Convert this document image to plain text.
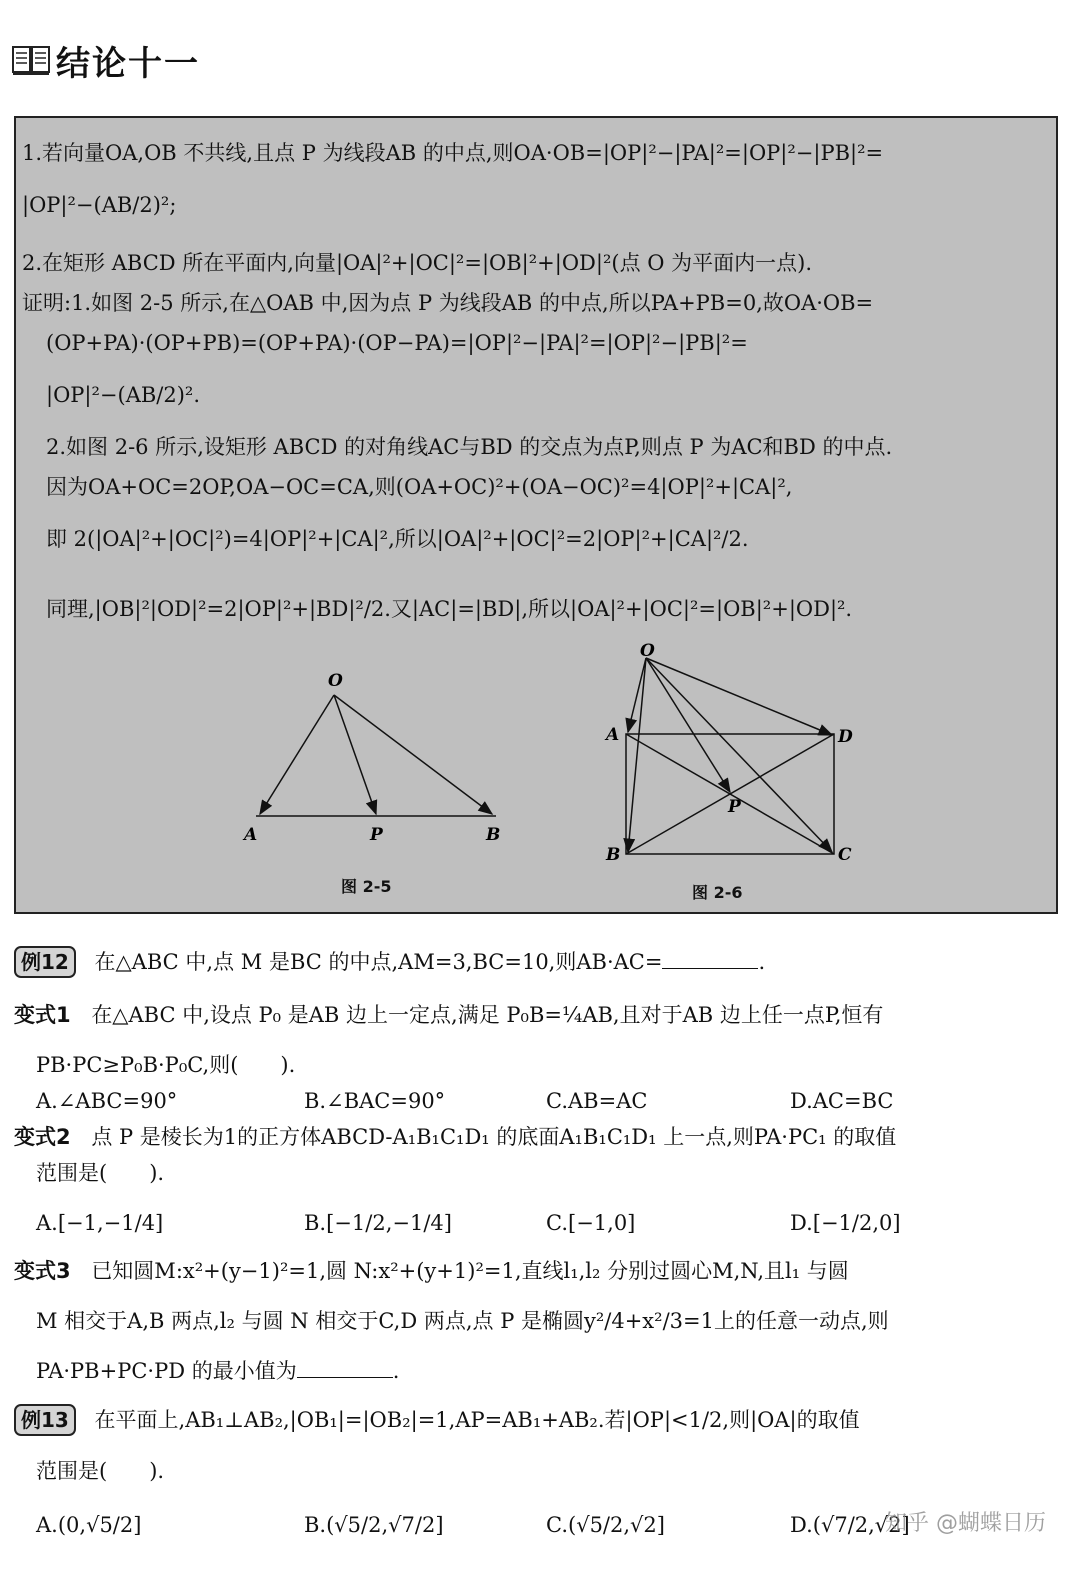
结论十一
1.若向量OA,OB 不共线,且点 P 为线段AB 的中点,则OA·OB=|OP|²−|PA|²=|OP|²−|PB|²=
|OP|²−(AB/2)²;
2.在矩形 ABCD 所在平面内,向量|OA|²+|OC|²=|OB|²+|OD|²(点 O 为平面内一点).
证明:1.如图 2-5 所示,在△OAB 中,因为点 P 为线段AB 的中点,所以PA+PB=0,故OA·OB=
(OP+PA)·(OP+PB)=(OP+PA)·(OP−PA)=|OP|²−|PA|²=|OP|²−|PB|²=
|OP|²−(AB/2)².
2.如图 2-6 所示,设矩形 ABCD 的对角线AC与BD 的交点为点P,则点 P 为AC和BD 的中点.
因为OA+OC=2OP,OA−OC=CA,则(OA+OC)²+(OA−OC)²=4|OP|²+|CA|²,
即 2(|OA|²+|OC|²)=4|OP|²+|CA|²,所以|OA|²+|OC|²=2|OP|²+|CA|²/2.
同理,|OB|²|OD|²=2|OP|²+|BD|²/2.又|AC|=|BD|,所以|OA|²+|OC|²=|OB|²+|OD|².
O
A	P	B
图 2-5
O
A	D
P
B	C
图 2-6
例12 在△ABC 中,点 M 是BC 的中点,AM=3,BC=10,则AB·AC=	.
变式1 在△ABC 中,设点 P₀ 是AB 边上一定点,满足 P₀B=¼AB,且对于AB 边上任一点P,恒有
PB·PC≥P₀B·P₀C,则(　　).
A.∠ABC=90°	B.∠BAC=90°	C.AB=AC	D.AC=BC
变式2 点 P 是棱长为1的正方体ABCD-A₁B₁C₁D₁ 的底面A₁B₁C₁D₁ 上一点,则PA·PC₁ 的取值
范围是(　　).
A.[−1,−1/4]	B.[−1/2,−1/4]	C.[−1,0]	D.[−1/2,0]
变式3 已知圆M:x²+(y−1)²=1,圆 N:x²+(y+1)²=1,直线l₁,l₂ 分别过圆心M,N,且l₁ 与圆
M 相交于A,B 两点,l₂ 与圆 N 相交于C,D 两点,点 P 是椭圆y²/4+x²/3=1上的任意一动点,则
PA·PB+PC·PD 的最小值为	.
例13 在平面上,AB₁⊥AB₂,|OB₁|=|OB₂|=1,AP=AB₁+AB₂.若|OP|<1/2,则|OA|的取值
范围是(　　).
A.(0,√5/2]	B.(√5/2,√7/2]	C.(√5/2,√2]	D.(√7/2,√2]
知乎 @蝴蝶日历
